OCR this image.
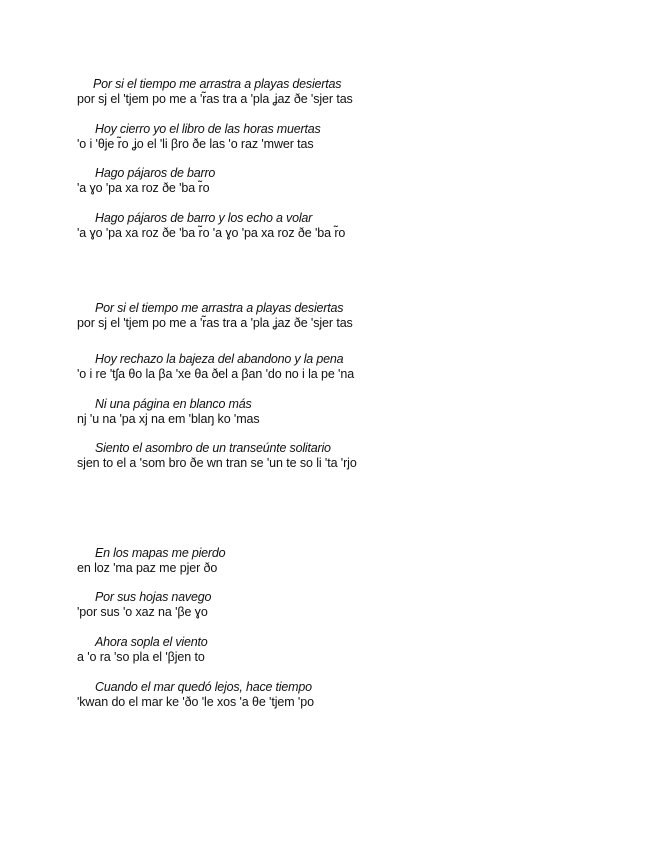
Por si el tiempo me arrastra a playas desiertas
por sj el 'tjem po me a 'r̃as tra a 'pla ʝaz ðe 'sjer tas
Hoy cierro yo el libro de las horas muertas
'o i 'θje r̃o ʝo el 'li βro ðe las 'o raz 'mwer tas
Hago pájaros de barro
'a ɣo 'pa xa roz ðe 'ba r̃o
Hago pájaros de barro y los echo a volar
'a ɣo 'pa xa roz ðe 'ba r̃o 'a ɣo 'pa xa roz ðe 'ba r̃o
Por si el tiempo me arrastra a playas desiertas
por sj el 'tjem po me a 'r̃as tra a 'pla ʝaz ðe 'sjer tas
Hoy rechazo la bajeza del abandono y la pena
'o i re 'tʃa θo la βa 'xe θa ðel a βan 'do no i la pe 'na
Ni una página en blanco más
nj 'u na 'pa xj na em 'blaŋ ko 'mas
Siento el asombro de un transeúnte solitario
sjen to el a 'som bro ðe wn tran se 'un te so li 'ta 'rjo
En los mapas me pierdo
en loz 'ma paz me pjer ðo
Por sus hojas navego
'por sus 'o xaz na 'βe ɣo
Ahora sopla el viento
a 'o ra 'so pla el 'βjen to
Cuando el mar quedó lejos, hace tiempo
'kwan do el mar ke 'ðo 'le xos 'a θe 'tjem 'po
